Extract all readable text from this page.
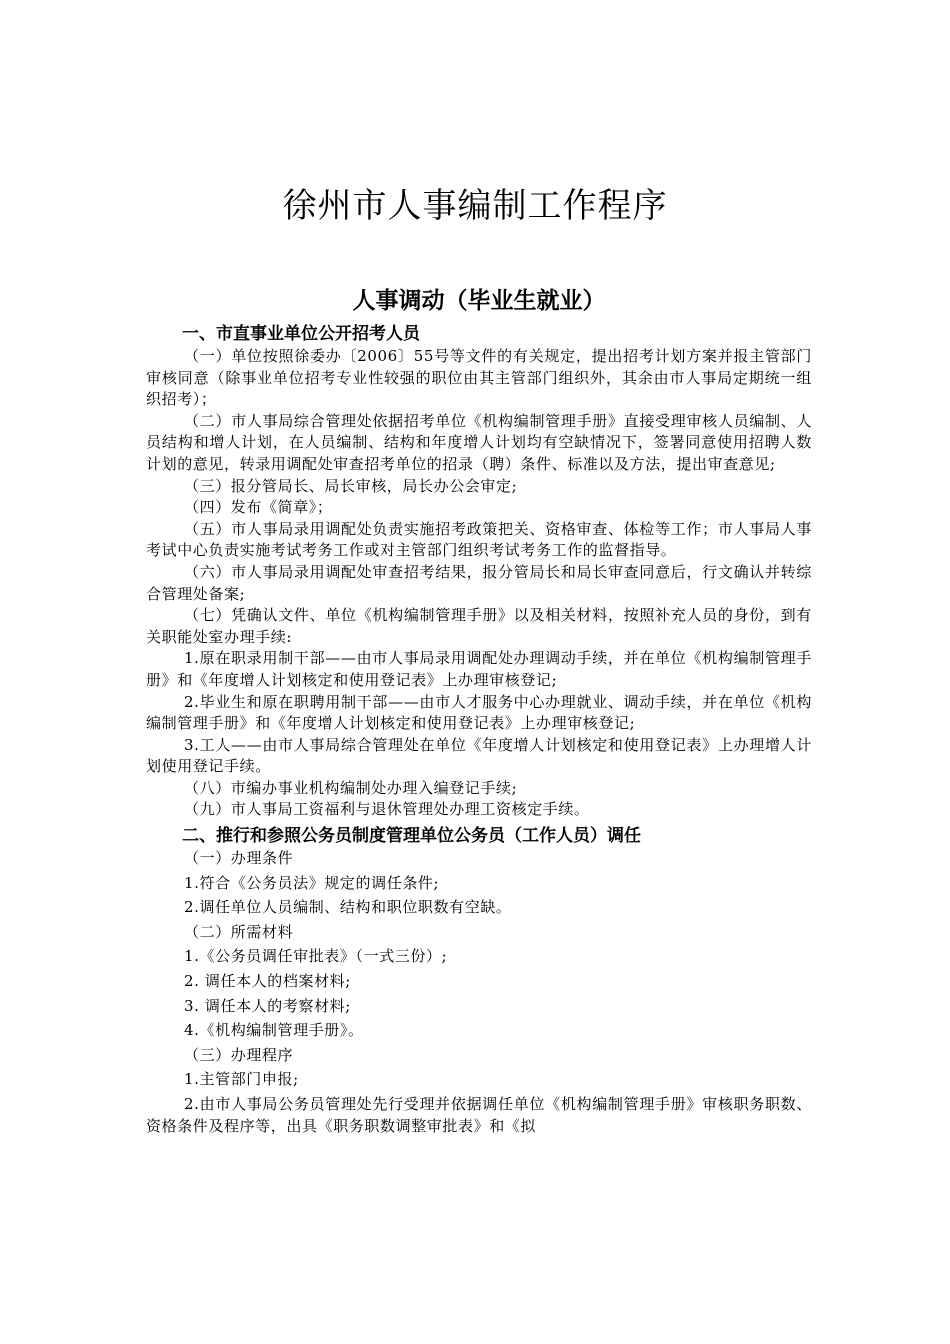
徐州市人事编制工作程序
人事调动（毕业生就业）
一、市直事业单位公开招考人员

（一）单位按照徐委办〔2006〕55号等文件的有关规定，提出招考计划方案并报主管部门审核同意（除事业单位招考专业性较强的职位由其主管部门组织外，其余由市人事局定期统一组织招考）；

（二）市人事局综合管理处依据招考单位《机构编制管理手册》直接受理审核人员编制、人员结构和增人计划，在人员编制、结构和年度增人计划均有空缺情况下，签署同意使用招聘人数计划的意见，转录用调配处审查招考单位的招录（聘）条件、标准以及方法，提出审查意见;

（三）报分管局长、局长审核，局长办公会审定;

（四）发布《简章》；

（五）市人事局录用调配处负责实施招考政策把关、资格审查、体检等工作；市人事局人事考试中心负责实施考试考务工作或对主管部门组织考试考务工作的监督指导。

（六）市人事局录用调配处审查招考结果，报分管局长和局长审查同意后，行文确认并转综合管理处备案;

（七）凭确认文件、单位《机构编制管理手册》以及相关材料，按照补充人员的身份，到有关职能处室办理手续:

1.原在职录用制干部——由市人事局录用调配处办理调动手续，并在单位《机构编制管理手册》和《年度增人计划核定和使用登记表》上办理审核登记;

2.毕业生和原在职聘用制干部——由市人才服务中心办理就业、调动手续，并在单位《机构编制管理手册》和《年度增人计划核定和使用登记表》上办理审核登记;

3.工人——由市人事局综合管理处在单位《年度增人计划核定和使用登记表》上办理增人计划使用登记手续。

（八）市编办事业机构编制处办理入编登记手续;

（九）市人事局工资福利与退休管理处办理工资核定手续。

二、推行和参照公务员制度管理单位公务员（工作人员）调任

（一）办理条件

1.符合《公务员法》规定的调任条件;

2.调任单位人员编制、结构和职位职数有空缺。

（二）所需材料

1.《公务员调任审批表》（一式三份）;

2. 调任本人的档案材料;

3. 调任本人的考察材料;

4.《机构编制管理手册》。

（三）办理程序

1.主管部门申报;

2.由市人事局公务员管理处先行受理并依据调任单位《机构编制管理手册》审核职务职数、资格条件及程序等，出具《职务职数调整审批表》和《拟
